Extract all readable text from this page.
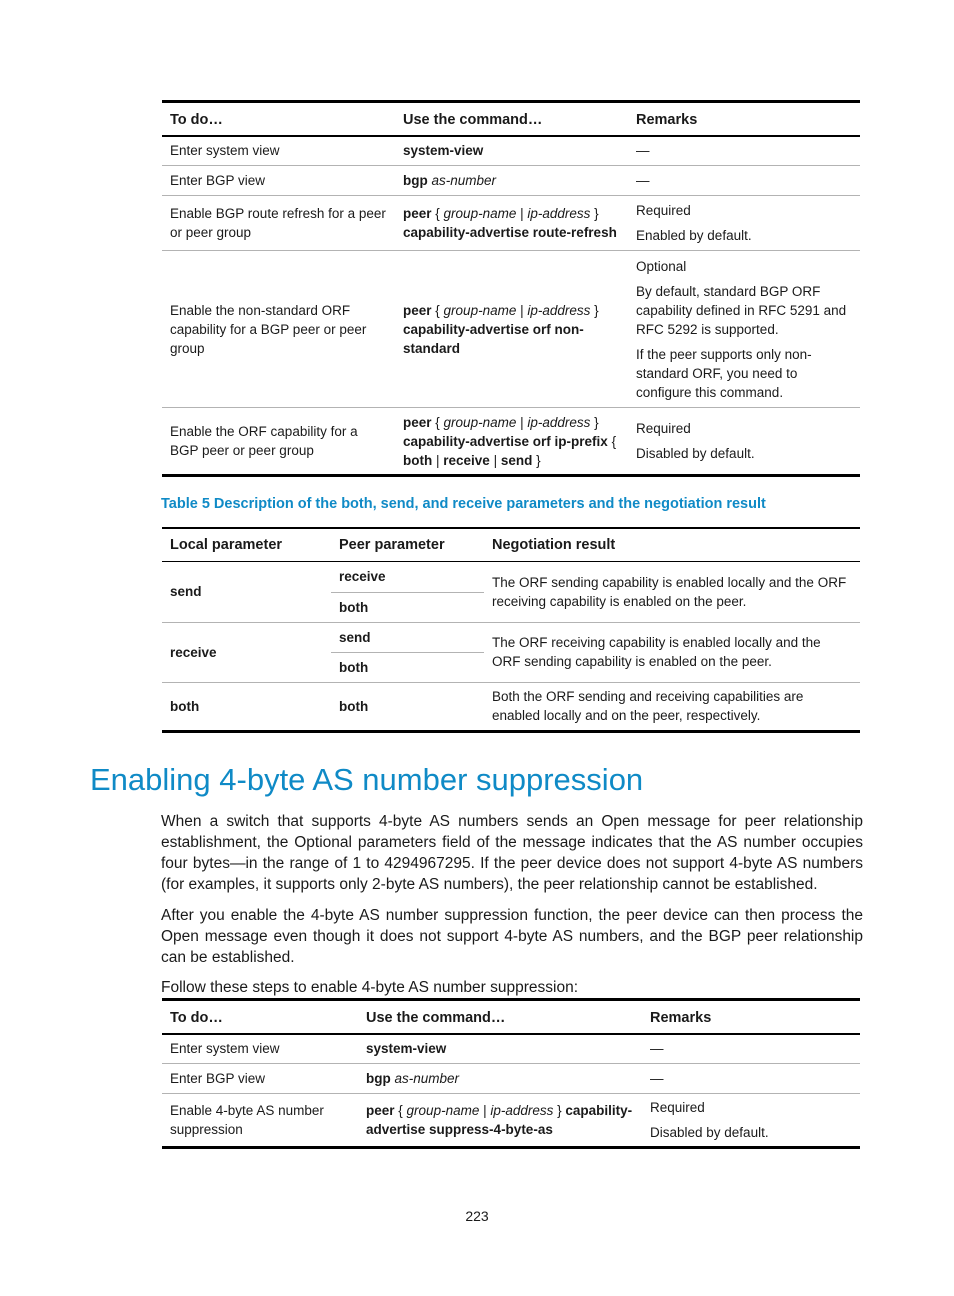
To do…	Use the command…	Remarks
Enter system view	system-view	—

Enter BGP view	bgp as-number	—

Enable BGP route refresh for a peer or peer group	peer { group-name | ip-address } capability-advertise route-refresh	Required

Enabled by default.

Enable the non-standard ORF capability for a BGP peer or peer group	peer { group-name | ip-address } capability-advertise orf non-standard	Optional

By default, standard BGP ORF capability defined in RFC 5291 and RFC 5292 is supported.

If the peer supports only non-standard ORF, you need to configure this command.

Enable the ORF capability for a BGP peer or peer group	peer { group-name | ip-address } capability-advertise orf ip-prefix { both | receive | send }	Required

Disabled by default.

Table 5 Description of the both, send, and receive parameters and the negotiation result
Local parameter	Peer parameter	Negotiation result
send	receive	The ORF sending capability is enabled locally and the ORF receiving capability is enabled on the peer.
	both	
receive	send	The ORF receiving capability is enabled locally and the ORF sending capability is enabled on the peer.
	both	
both	both	Both the ORF sending and receiving capabilities are enabled locally and on the peer, respectively.
Enabling 4-byte AS number suppression

When a switch that supports 4-byte AS numbers sends an Open message for peer relationship establishment, the Optional parameters field of the message indicates that the AS number occupies four bytes—in the range of 1 to 4294967295. If the peer device does not support 4-byte AS numbers (for examples, it supports only 2-byte AS numbers), the peer relationship cannot be established.

After you enable the 4-byte AS number suppression function, the peer device can then process the Open message even though it does not support 4-byte AS numbers, and the BGP peer relationship can be established.

Follow these steps to enable 4-byte AS number suppression:

To do…	Use the command…	Remarks
Enter system view	system-view	—

Enter BGP view	bgp as-number	—

Enable 4-byte AS number suppression	peer { group-name | ip-address } capability-advertise suppress-4-byte-as	Required

Disabled by default.

223
